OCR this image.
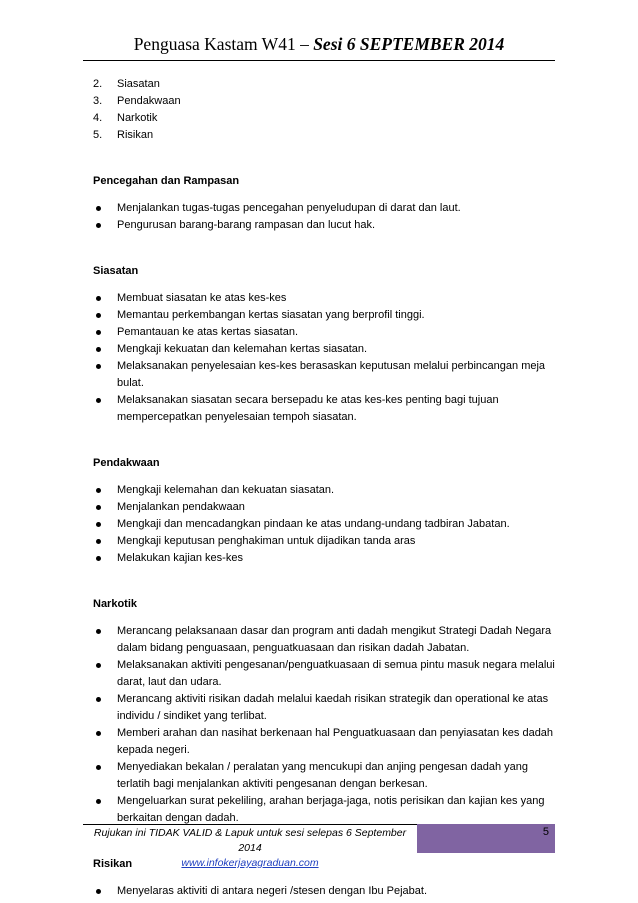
Penguasa Kastam W41 – Sesi 6 SEPTEMBER 2014
2. Siasatan
3. Pendakwaan
4. Narkotik
5. Risikan

Pencegahan dan Rampasan

Menjalankan tugas-tugas pencegahan penyeludupan di darat dan laut.
Pengurusan barang-barang rampasan dan lucut hak.

Siasatan

Membuat siasatan ke atas kes-kes
Memantau perkembangan kertas siasatan yang berprofil tinggi.
Pemantauan ke atas kertas siasatan.
Mengkaji kekuatan dan kelemahan kertas siasatan.
Melaksanakan penyelesaian kes-kes berasaskan keputusan melalui perbincangan meja bulat.
Melaksanakan siasatan secara bersepadu ke atas kes-kes penting bagi tujuan mempercepatkan penyelesaian tempoh siasatan.

Pendakwaan

Mengkaji kelemahan dan kekuatan siasatan.
Menjalankan pendakwaan
Mengkaji dan mencadangkan pindaan ke atas undang-undang tadbiran Jabatan.
Mengkaji keputusan penghakiman untuk dijadikan tanda aras
Melakukan kajian kes-kes

Narkotik

Merancang pelaksanaan dasar dan program anti dadah mengikut Strategi Dadah Negara dalam bidang penguasaan, penguatkuasaan dan risikan dadah Jabatan.
Melaksanakan aktiviti pengesanan/penguatkuasaan di semua pintu masuk negara melalui darat, laut dan udara.
Merancang aktiviti risikan dadah melalui kaedah risikan strategik dan operational ke atas individu / sindiket yang terlibat.
Memberi arahan dan nasihat berkenaan hal Penguatkuasaan dan penyiasatan kes dadah kepada negeri.
Menyediakan bekalan / peralatan yang mencukupi dan anjing pengesan dadah yang terlatih bagi menjalankan aktiviti pengesanan dengan berkesan.
Mengeluarkan surat pekeliling, arahan berjaga-jaga, notis perisikan dan kajian kes yang berkaitan dengan dadah.

Risikan

Menyelaras aktiviti di antara negeri /stesen dengan Ibu Pejabat.
Rujukan ini TIDAK VALID & Lapuk untuk sesi selepas 6 September 2014
www.infokerjayagraduan.com
5
